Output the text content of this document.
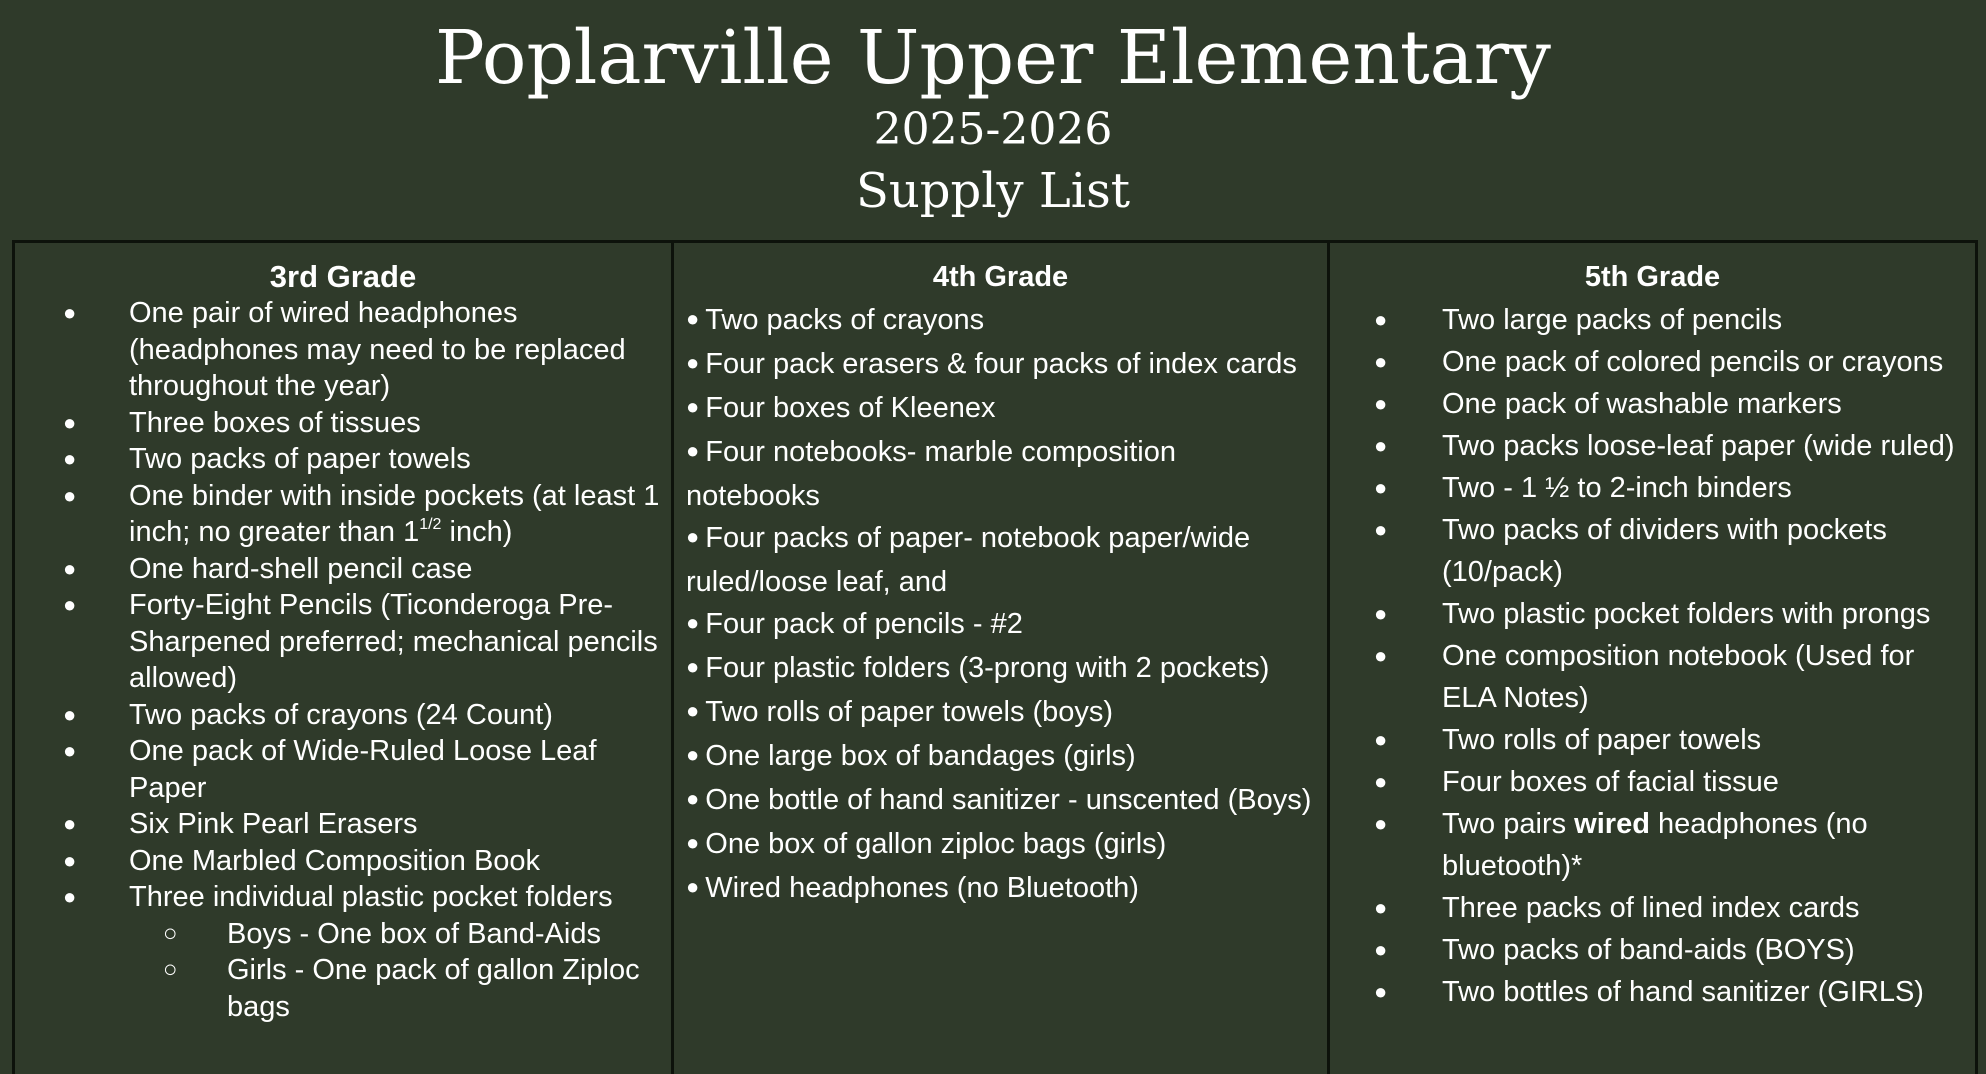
Poplarville Upper Elementary
2025-2026
Supply List
3rd Grade
● One pair of wired headphones (headphones may need to be replaced throughout the year)
● Three boxes of tissues
● Two packs of paper towels
● One binder with inside pockets (at least 1 inch; no greater than $1^{1/2}$ inch)
● One hard-shell pencil case
● Forty-Eight Pencils (Ticonderoga Pre-Sharpened preferred; mechanical pencils allowed)
● Two packs of crayons (24 Count)
● One pack of Wide-Ruled Loose Leaf Paper
● Six Pink Pearl Erasers
● One Marbled Composition Book
● Three individual plastic pocket folders
○ Boys - One box of Band-Aids
○ Girls - One pack of gallon Ziploc bags
4th Grade
● Two packs of crayons
● Four pack erasers & four packs of index cards
● Four boxes of Kleenex
● Four notebooks- marble composition notebooks
● Four packs of paper- notebook paper/wide ruled/loose leaf, and
● Four pack of pencils - #2
● Four plastic folders (3-prong with 2 pockets)
● Two rolls of paper towels (boys)
● One large box of bandages (girls)
● One bottle of hand sanitizer - unscented (Boys)
● One box of gallon ziploc bags (girls)
● Wired headphones (no Bluetooth)
5th Grade
● Two large packs of pencils
● One pack of colored pencils or crayons
● One pack of washable markers
● Two packs loose-leaf paper (wide ruled)
● Two - 1 ½ to 2-inch binders
● Two packs of dividers with pockets (10/pack)
● Two plastic pocket folders with prongs
● One composition notebook (Used for ELA Notes)
● Two rolls of paper towels
● Four boxes of facial tissue
● Two pairs wired headphones (no bluetooth)*
● Three packs of lined index cards
● Two packs of band-aids (BOYS)
● Two bottles of hand sanitizer (GIRLS)
